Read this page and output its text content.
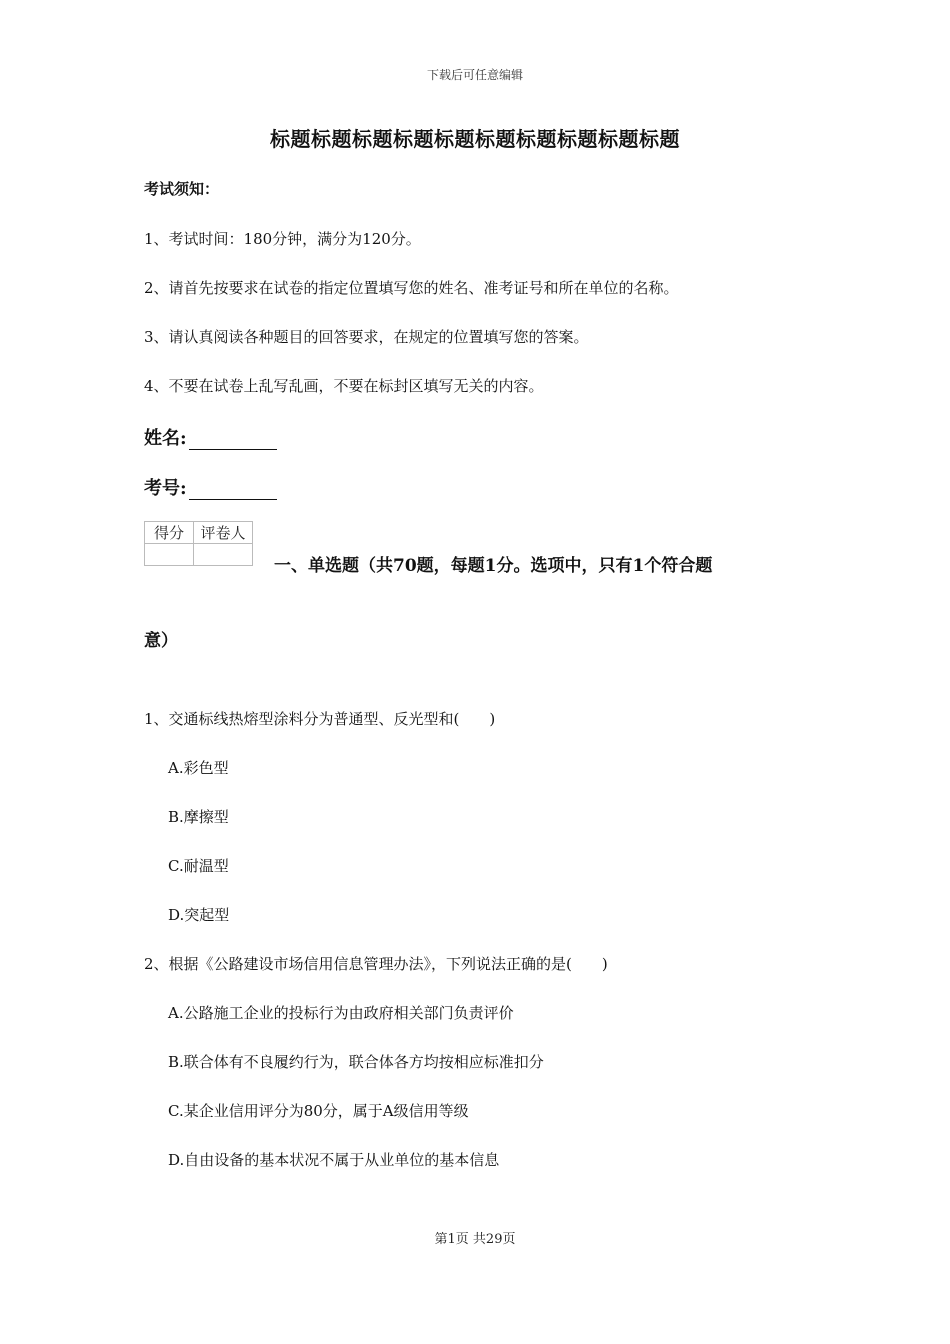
下载后可任意编辑
标题标题标题标题标题标题标题标题标题标题
考试须知：
1、考试时间：180分钟，满分为120分。
2、请首先按要求在试卷的指定位置填写您的姓名、准考证号和所在单位的名称。
3、请认真阅读各种题目的回答要求，在规定的位置填写您的答案。
4、不要在试卷上乱写乱画，不要在标封区填写无关的内容。
姓名:
考号:
得分	评卷人

一、单选题（共70题，每题1分。选项中，只有1个符合题
意）
1、交通标线热熔型涂料分为普通型、反光型和(　　)
A.彩色型
B.摩擦型
C.耐温型
D.突起型
2、根据《公路建设市场信用信息管理办法》，下列说法正确的是(　　)
A.公路施工企业的投标行为由政府相关部门负责评价
B.联合体有不良履约行为，联合体各方均按相应标准扣分
C.某企业信用评分为80分，属于A级信用等级
D.自由设备的基本状况不属于从业单位的基本信息
第1页 共29页
